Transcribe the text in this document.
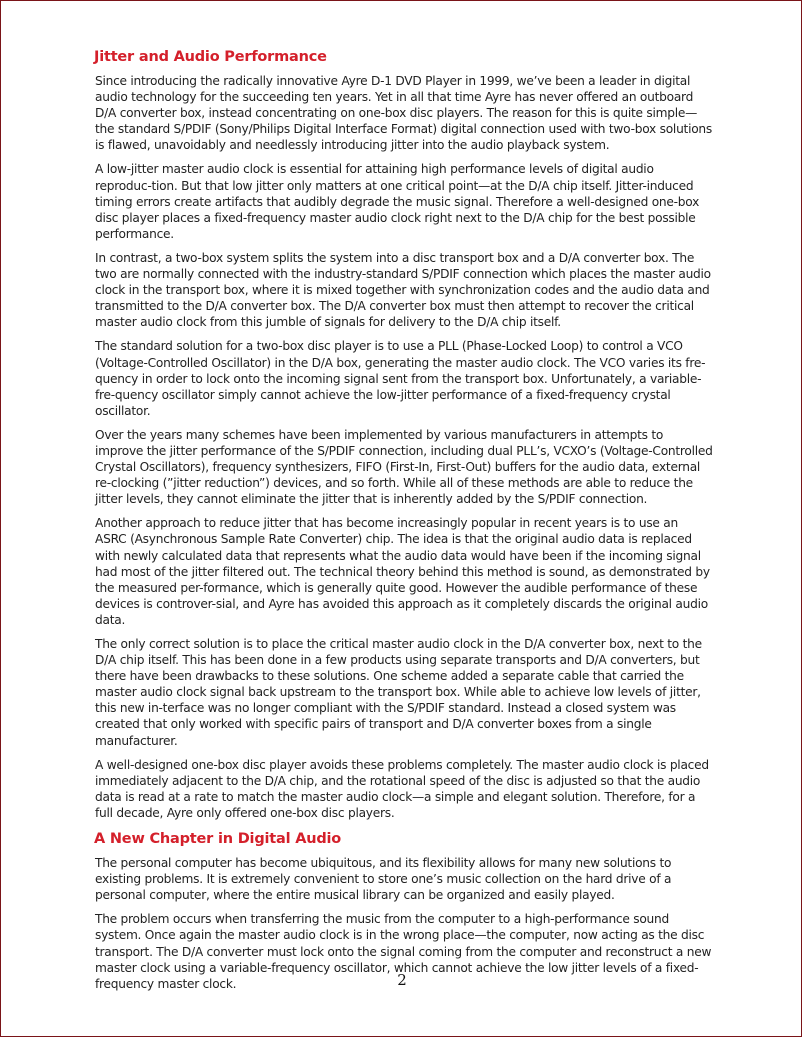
Jitter and Audio Performance

Since introducing the radically innovative Ayre D-1 DVD Player in 1999, we’ve been a leader in digital audio technology for the succeeding ten years. Yet in all that time Ayre has never offered an outboard D/A converter box, instead concentrating on one-box disc players. The reason for this is quite simple—the standard S/PDIF (Sony/Philips Digital Interface Format) digital connection used with two-box solutions is flawed, unavoidably and needlessly introducing jitter into the audio playback system.

A low-jitter master audio clock is essential for attaining high performance levels of digital audio reproduc-tion. But that low jitter only matters at one critical point—at the D/A chip itself. Jitter-induced timing errors create artifacts that audibly degrade the music signal. Therefore a well-designed one-box disc player places a fixed-frequency master audio clock right next to the D/A chip for the best possible performance.

In contrast, a two-box system splits the system into a disc transport box and a D/A converter box. The two are normally connected with the industry-standard S/PDIF connection which places the master audio clock in the transport box, where it is mixed together with synchronization codes and the audio data and transmitted to the D/A converter box. The D/A converter box must then attempt to recover the critical master audio clock from this jumble of signals for delivery to the D/A chip itself.

The standard solution for a two-box disc player is to use a PLL (Phase-Locked Loop) to control a VCO (Voltage-Controlled Oscillator) in the D/A box, generating the master audio clock. The VCO varies its fre-quency in order to lock onto the incoming signal sent from the transport box. Unfortunately, a variable-fre-quency oscillator simply cannot achieve the low-jitter performance of a fixed-frequency crystal oscillator.

Over the years many schemes have been implemented by various manufacturers in attempts to improve the jitter performance of the S/PDIF connection, including dual PLL’s, VCXO’s (Voltage-Controlled Crystal Oscillators), frequency synthesizers, FIFO (First-In, First-Out) buffers for the audio data, external re-clocking (”jitter reduction”) devices, and so forth. While all of these methods are able to reduce the jitter levels, they cannot eliminate the jitter that is inherently added by the S/PDIF connection.

Another approach to reduce jitter that has become increasingly popular in recent years is to use an ASRC (Asynchronous Sample Rate Converter) chip. The idea is that the original audio data is replaced with newly calculated data that represents what the audio data would have been if the incoming signal had most of the jitter filtered out. The technical theory behind this method is sound, as demonstrated by the measured per-formance, which is generally quite good. However the audible performance of these devices is controver-sial, and Ayre has avoided this approach as it completely discards the original audio data.

The only correct solution is to place the critical master audio clock in the D/A converter box, next to the D/A chip itself. This has been done in a few products using separate transports and D/A converters, but there have been drawbacks to these solutions. One scheme added a separate cable that carried the master audio clock signal back upstream to the transport box. While able to achieve low levels of jitter, this new in-terface was no longer compliant with the S/PDIF standard. Instead a closed system was created that only worked with specific pairs of transport and D/A converter boxes from a single manufacturer.

A well-designed one-box disc player avoids these problems completely. The master audio clock is placed immediately adjacent to the D/A chip, and the rotational speed of the disc is adjusted so that the audio data is read at a rate to match the master audio clock—a simple and elegant solution. Therefore, for a full decade, Ayre only offered one-box disc players.

A New Chapter in Digital Audio

The personal computer has become ubiquitous, and its flexibility allows for many new solutions to existing problems. It is extremely convenient to store one’s music collection on the hard drive of a personal computer, where the entire musical library can be organized and easily played.

The problem occurs when transferring the music from the computer to a high-performance sound system. Once again the master audio clock is in the wrong place—the computer, now acting as the disc transport. The D/A converter must lock onto the signal coming from the computer and reconstruct a new master clock using a variable-frequency oscillator, which cannot achieve the low jitter levels of a fixed-frequency master clock.	2
